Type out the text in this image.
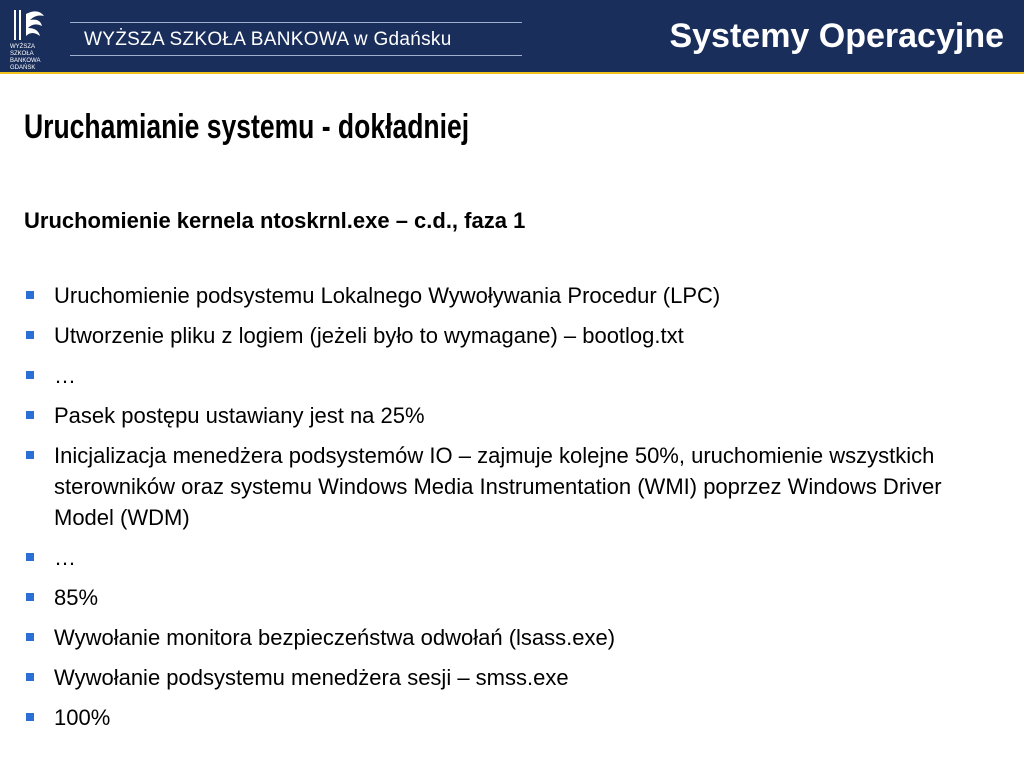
WYŻSZA SZKOŁA BANKOWA GDAŃSK
WYŻSZA SZKOŁA BANKOWA w Gdańsku	Systemy Operacyjne
Uruchamianie systemu - dokładniej
Uruchomienie kernela ntoskrnl.exe – c.d., faza 1
Uruchomienie podsystemu Lokalnego Wywoływania Procedur (LPC)
Utworzenie pliku z logiem (jeżeli było to wymagane) – bootlog.txt
…
Pasek postępu ustawiany jest na 25%
Inicjalizacja menedżera podsystemów IO – zajmuje kolejne 50%, uruchomienie wszystkich sterowników oraz systemu Windows Media Instrumentation (WMI) poprzez Windows Driver Model (WDM)
…
85%
Wywołanie monitora bezpieczeństwa odwołań (lsass.exe)
Wywołanie podsystemu menedżera sesji – smss.exe
100%
